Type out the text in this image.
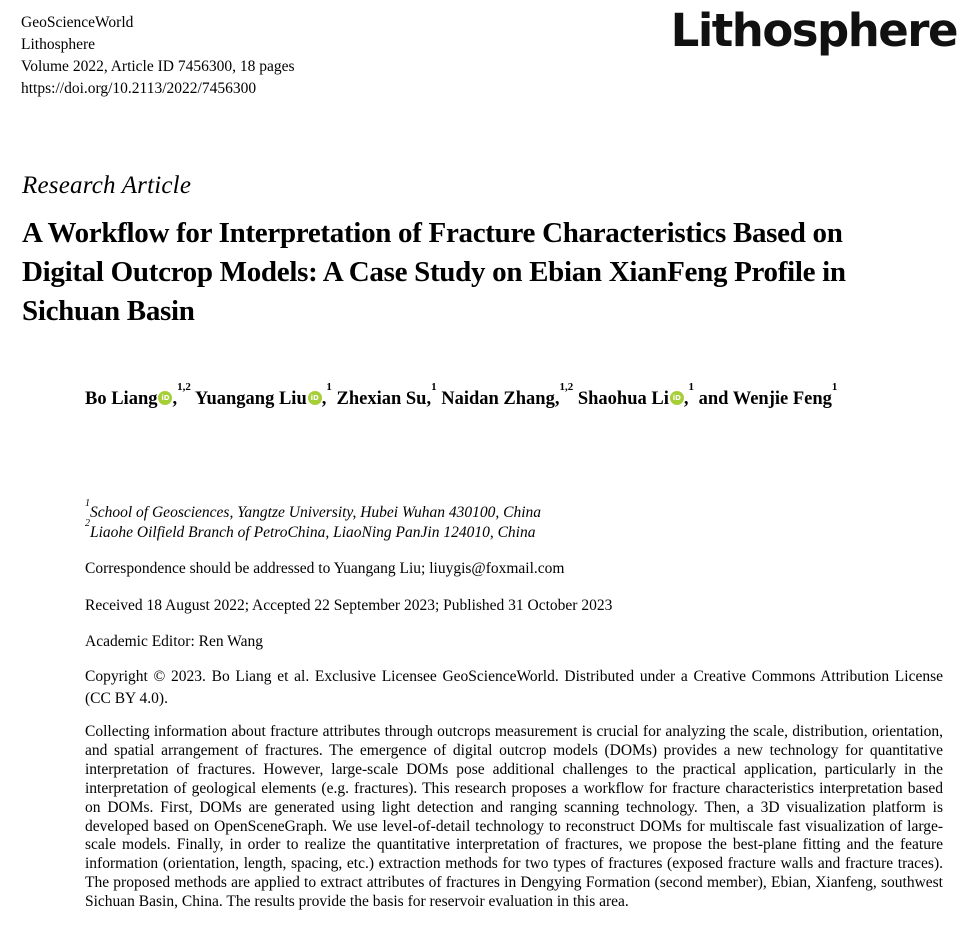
GeoScienceWorld
Lithosphere
Volume 2022, Article ID 7456300, 18 pages
https://doi.org/10.2113/2022/7456300
Lithosphere
Research Article
A Workflow for Interpretation of Fracture Characteristics Based on Digital Outcrop Models: A Case Study on Ebian XianFeng Profile in Sichuan Basin
Bo Liang iD ,$^{1,2}$ Yuangang Liu iD ,$^1$ Zhexian Su,$^1$ Naidan Zhang,$^{1,2}$ Shaohua Li iD ,$^1$ and Wenjie Feng$^1$
$^1$School of Geosciences, Yangtze University, Hubei Wuhan 430100, China
$^2$Liaohe Oilfield Branch of PetroChina, LiaoNing PanJin 124010, China
Correspondence should be addressed to Yuangang Liu; liuygis@foxmail.com
Received 18 August 2022; Accepted 22 September 2023; Published 31 October 2023
Academic Editor: Ren Wang
Copyright © 2023. Bo Liang et al. Exclusive Licensee GeoScienceWorld. Distributed under a Creative Commons Attribution License (CC BY 4.0).
Collecting information about fracture attributes through outcrops measurement is crucial for analyzing the scale, distribution, orientation, and spatial arrangement of fractures. The emergence of digital outcrop models (DOMs) provides a new technology for quantitative interpretation of fractures. However, large-scale DOMs pose additional challenges to the practical application, particularly in the interpretation of geological elements (e.g. fractures). This research proposes a workflow for fracture characteristics interpretation based on DOMs. First, DOMs are generated using light detection and ranging scanning technology. Then, a 3D visualization platform is developed based on OpenSceneGraph. We use level-of-detail technology to reconstruct DOMs for multiscale fast visualization of large-scale models. Finally, in order to realize the quantitative interpretation of fractures, we propose the best-plane fitting and the feature information (orientation, length, spacing, etc.) extraction methods for two types of fractures (exposed fracture walls and fracture traces). The proposed methods are applied to extract attributes of fractures in Dengying Formation (second member), Ebian, Xianfeng, southwest Sichuan Basin, China. The results provide the basis for reservoir evaluation in this area.
